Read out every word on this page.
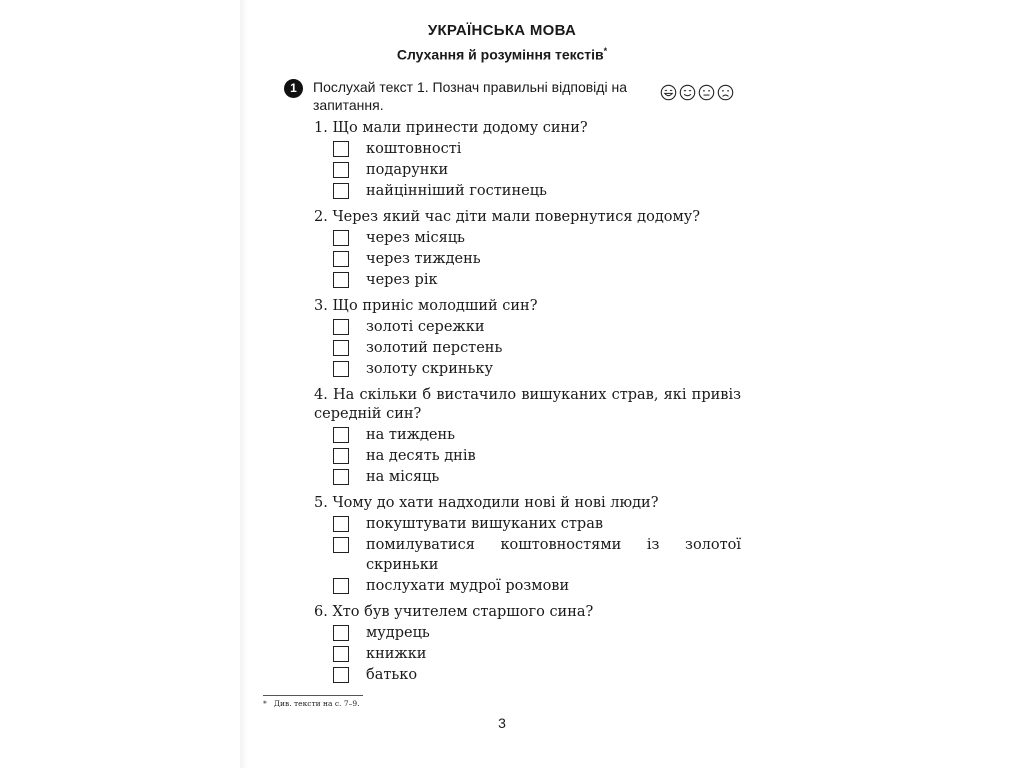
УКРАЇНСЬКА МОВА
Слухання й розуміння текстів*
1	Послухай текст 1. Познач правильні відповіді на запитання.
1. Що мали принести додому сини?
коштовності
подарунки
найцінніший гостинець
2. Через який час діти мали повернутися додому?
через місяць
через тиждень
через рік
3. Що приніс молодший син?
золоті сережки
золотий перстень
золоту скриньку
4. На скільки б вистачило вишуканих страв, які привіз середній син?
на тиждень
на десять днів
на місяць
5. Чому до хати надходили нові й нові люди?
покуштувати вишуканих страв
помилуватися коштовностями із золотої скриньки
послухати мудрої розмови
6. Хто був учителем старшого сина?
мудрець
книжки
батько
* Див. тексти на с. 7–9.
3
